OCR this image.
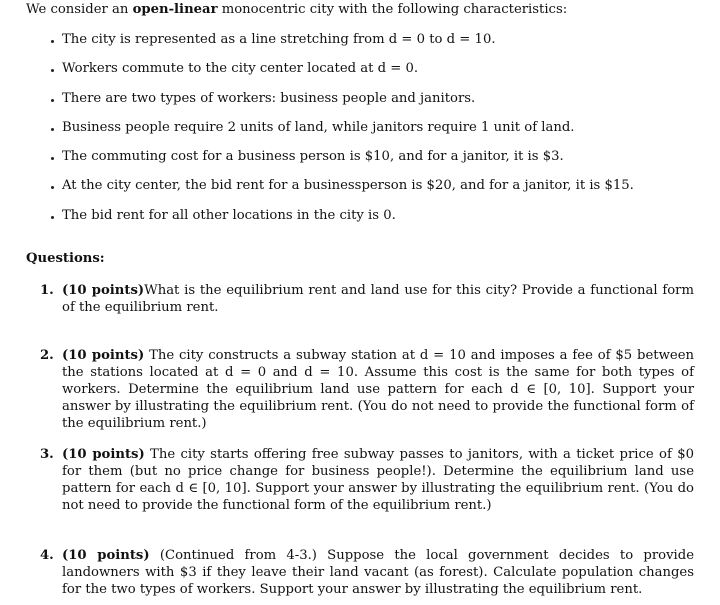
We consider an open-linear monocentric city with the following characteristics:
The city is represented as a line stretching from d = 0 to d = 10.
Workers commute to the city center located at d = 0.
There are two types of workers: business people and janitors.
Business people require 2 units of land, while janitors require 1 unit of land.
The commuting cost for a business person is $10, and for a janitor, it is $3.
At the city center, the bid rent for a businessperson is $20, and for a janitor, it is $15.
The bid rent for all other locations in the city is 0.
Questions:
1. (10 points)What is the equilibrium rent and land use for this city? Provide a functional form of the equilibrium rent.
2. (10 points) The city constructs a subway station at d = 10 and imposes a fee of $5 between the stations located at d = 0 and d = 10. Assume this cost is the same for both types of workers. Determine the equilibrium land use pattern for each d ∈ [0, 10]. Support your answer by illustrating the equilibrium rent. (You do not need to provide the functional form of the equilibrium rent.)
3. (10 points) The city starts offering free subway passes to janitors, with a ticket price of $0 for them (but no price change for business people!). Determine the equilibrium land use pattern for each d ∈ [0, 10]. Support your answer by illustrating the equilibrium rent. (You do not need to provide the functional form of the equilibrium rent.)
4. (10 points) (Continued from 4-3.) Suppose the local government decides to provide landowners with $3 if they leave their land vacant (as forest). Calculate population changes for the two types of workers. Support your answer by illustrating the equilibrium rent.
